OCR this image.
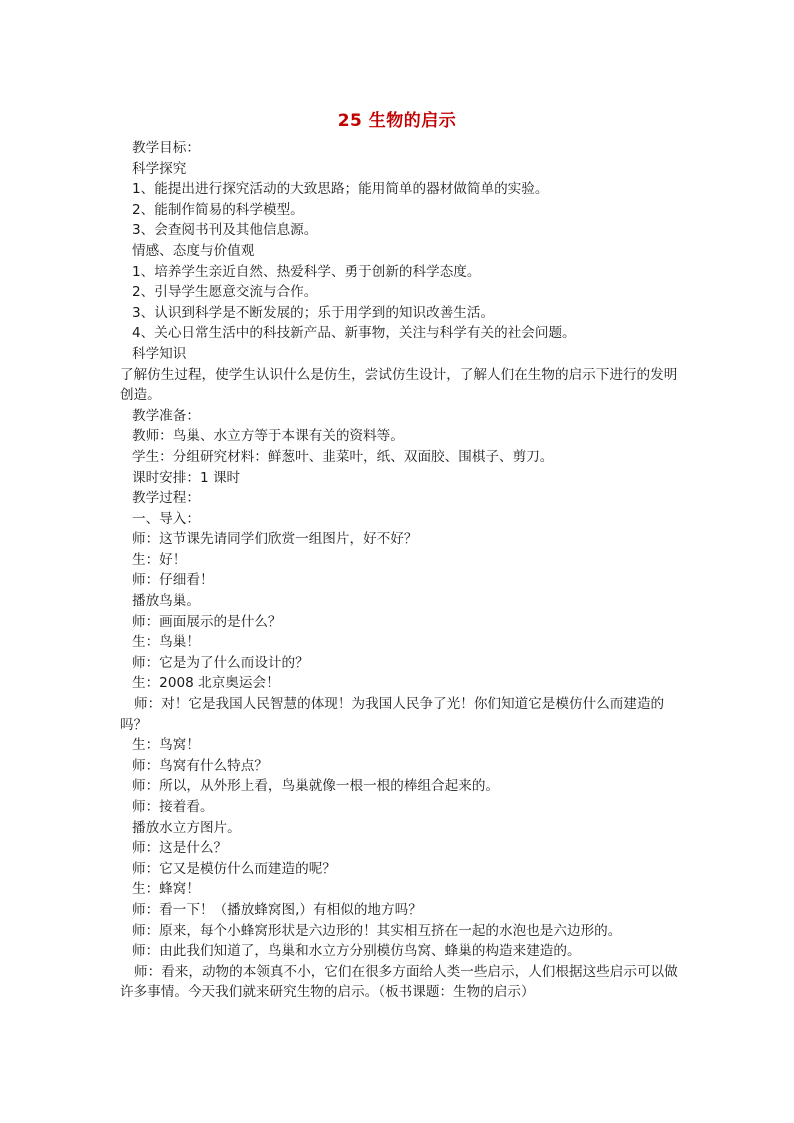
25 生物的启示
教学目标：
科学探究
1、能提出进行探究活动的大致思路；能用简单的器材做简单的实验。
2、能制作简易的科学模型。
3、会查阅书刊及其他信息源。
情感、态度与价值观
1、培养学生亲近自然、热爱科学、勇于创新的科学态度。
2、引导学生愿意交流与合作。
3、认识到科学是不断发展的；乐于用学到的知识改善生活。
4、关心日常生活中的科技新产品、新事物，关注与科学有关的社会问题。
科学知识
了解仿生过程，使学生认识什么是仿生，尝试仿生设计，了解人们在生物的启示下进行的发明创造。
教学准备：
教师：鸟巢、水立方等于本课有关的资料等。
学生：分组研究材料：鲜葱叶、韭菜叶，纸、双面胶、围棋子、剪刀。
课时安排：1 课时
教学过程：
一、导入：
师：这节课先请同学们欣赏一组图片，好不好？
生：好！
师：仔细看！
播放鸟巢。
师：画面展示的是什么？
生：鸟巢！
师：它是为了什么而设计的？
生：2008 北京奥运会！
师：对！它是我国人民智慧的体现！为我国人民争了光！你们知道它是模仿什么而建造的吗？
生：鸟窝！
师：鸟窝有什么特点？
师：所以，从外形上看，鸟巢就像一根一根的棒组合起来的。
师：接着看。
播放水立方图片。
师：这是什么？
师：它又是模仿什么而建造的呢？
生：蜂窝！
师：看一下！（播放蜂窝图,）有相似的地方吗？
师：原来，每个小蜂窝形状是六边形的！其实相互挤在一起的水泡也是六边形的。
师：由此我们知道了，鸟巢和水立方分别模仿鸟窝、蜂巢的构造来建造的。
师：看来，动物的本领真不小，它们在很多方面给人类一些启示，人们根据这些启示可以做许多事情。今天我们就来研究生物的启示。（板书课题：生物的启示）
